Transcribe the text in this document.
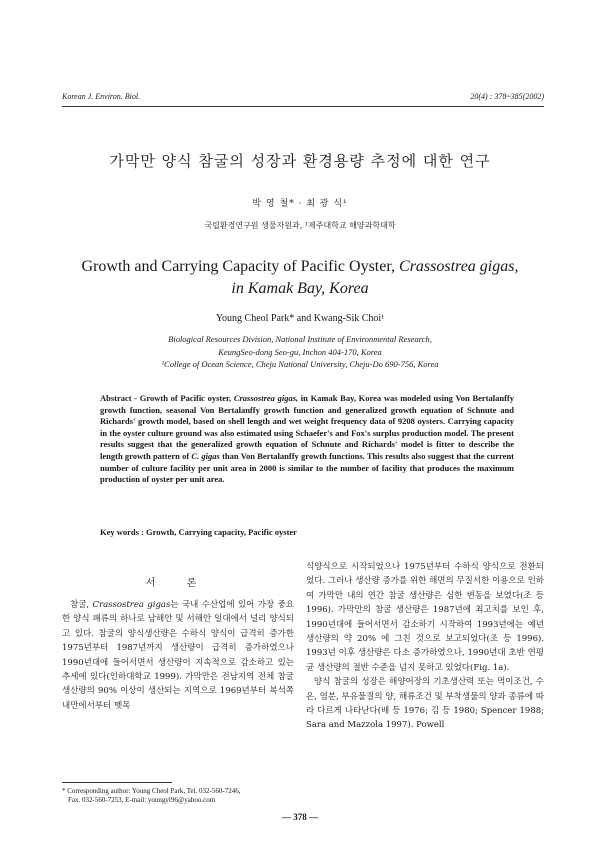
Korean J. Environ. Biol.	20(4) : 378~385(2002)
가막만 양식 참굴의 성장과 환경용량 추정에 대한 연구
박 영 철* · 최 광 식¹
국립환경연구원 생물자원과, ¹제주대학교 해양과학대학
Growth and Carrying Capacity of Pacific Oyster, Crassostrea gigas,
in Kamak Bay, Korea
Young Cheol Park* and Kwang-Sik Choi¹
Biological Resources Division, National Institute of Environmental Research,
KeungSeo-dong Seo-gu, Inchon 404-170, Korea
¹College of Ocean Science, Cheju National University, Cheju-Do 690-756, Korea
Abstract - Growth of Pacific oyster, Crassostrea gigas, in Kamak Bay, Korea was modeled using Von Bertalanffy growth function, seasonal Von Bertalanffy growth function and generalized growth equation of Schnute and Richards' growth model, based on shell length and wet weight frequency data of 9208 oysters. Carrying capacity in the oyster culture ground was also estimated using Schaefer's and Fox's surplus production model. The present results suggest that the generalized growth equation of Schnute and Richards' model is fitter to describe the length growth pattern of C. gigas than Von Bertalanffy growth functions. This results also suggest that the current number of culture facility per unit area in 2000 is similar to the number of facility that produces the maximum production of oyster per unit area.
Key words : Growth, Carrying capacity, Pacific oyster
서 론

참굴, Crassostrea gigas는 국내 수산업에 있어 가장 중요한 양식 패류의 하나로 남해안 및 서해안 일대에서 널리 양식되고 있다. 참굴의 양식생산량은 수하식 양식이 급격히 증가한 1975년부터 1987년까지 생산량이 급격히 증가하였으나 1990년대에 들어서면서 생산량이 지속적으로 감소하고 있는 추세에 있다(인하대학교 1999). 가막만은 전남지역 전체 참굴 생산량의 90% 이상이 생산되는 지역으로 1969년부터 복석쪽 내만에서부터 뗏목

식양식으로 시작되었으나 1975년부터 수하식 양식으로 전환되었다. 그러나 생산량 증가를 위한 해면의 무질서한 이용으로 인하여 가막만 내의 연간 참굴 생산량은 심한 변동을 보였다(조 등 1996). 가막만의 참굴 생산량은 1987년에 최고치를 보인 후, 1990년대에 들어서면서 감소하기 시작하여 1993년에는 예년 생산량의 약 20% 에 그친 것으로 보고되었다(조 등 1996). 1993년 이후 생산량은 다소 증가하였으나, 1990년대 초반 연평균 생산량의 절반 수준을 넘지 못하고 있었다(Fig. 1a).

양식 참굴의 성장은 해양어장의 기초생산력 또는 먹이조건, 수온, 염분, 부유물질의 양, 해류조건 및 부착생물의 양과 종류에 따라 다르게 나타난다(배 등 1976; 김 등 1980; Spencer 1988; Sara and Mazzola 1997). Powell

* Corresponding author: Young Cheol Park, Tel. 032-560-7246,
Fax. 032-560-7253, E-mail: youngyl96@yahoo.com
— 378 —
